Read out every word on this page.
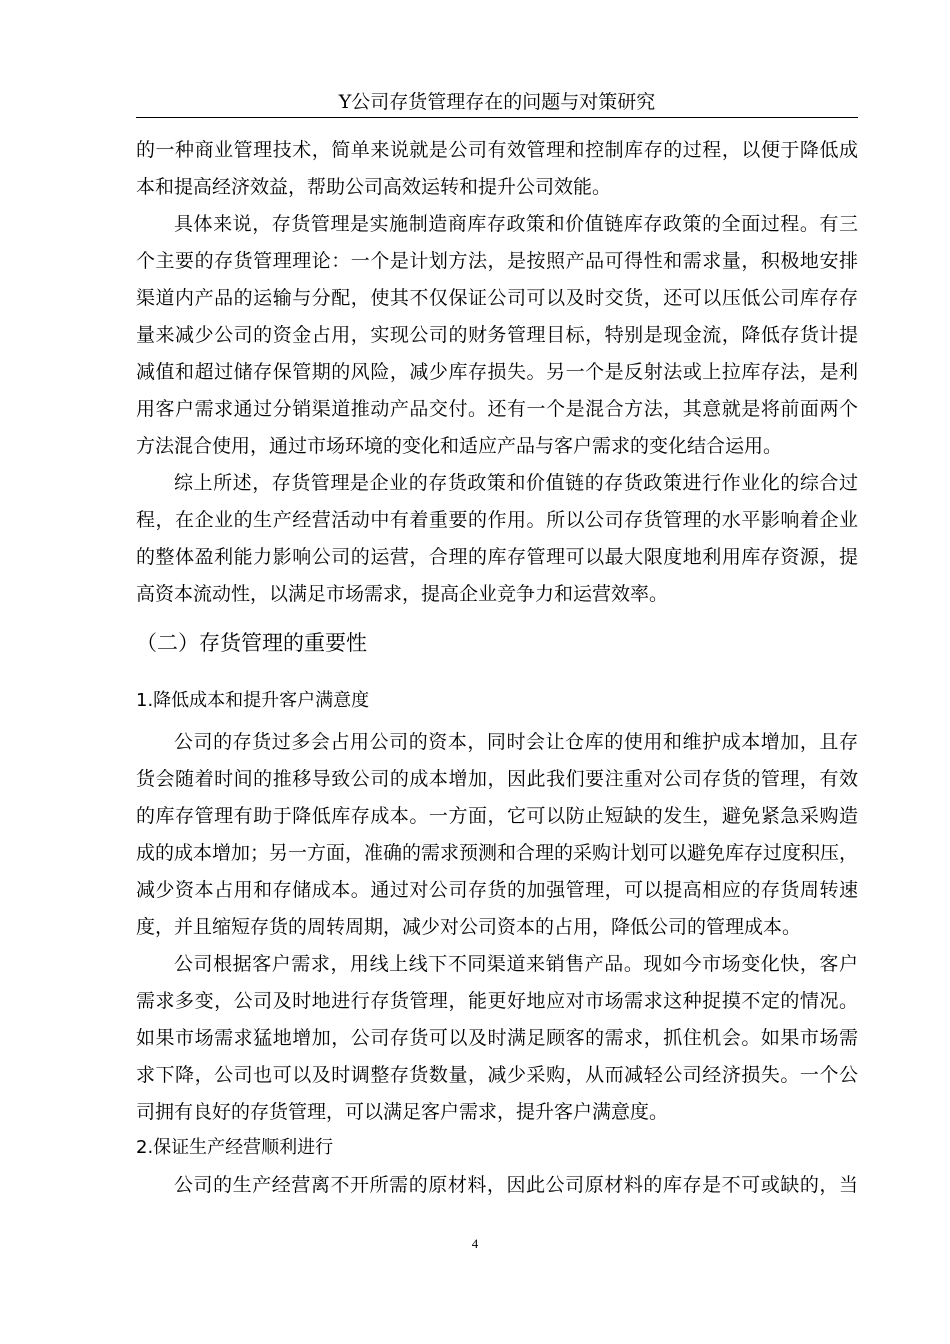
Y公司存货管理存在的问题与对策研究
的一种商业管理技术，简单来说就是公司有效管理和控制库存的过程，以便于降低成
本和提高经济效益，帮助公司高效运转和提升公司效能。
具体来说，存货管理是实施制造商库存政策和价值链库存政策的全面过程。有三
个主要的存货管理理论：一个是计划方法，是按照产品可得性和需求量，积极地安排
渠道内产品的运输与分配，使其不仅保证公司可以及时交货，还可以压低公司库存存
量来减少公司的资金占用，实现公司的财务管理目标，特别是现金流，降低存货计提
减值和超过储存保管期的风险，减少库存损失。另一个是反射法或上拉库存法，是利
用客户需求通过分销渠道推动产品交付。还有一个是混合方法，其意就是将前面两个
方法混合使用，通过市场环境的变化和适应产品与客户需求的变化结合运用。
综上所述，存货管理是企业的存货政策和价值链的存货政策进行作业化的综合过
程，在企业的生产经营活动中有着重要的作用。所以公司存货管理的水平影响着企业
的整体盈利能力影响公司的运营，合理的库存管理可以最大限度地利用库存资源，提
高资本流动性，以满足市场需求，提高企业竞争力和运营效率。
（二）存货管理的重要性
1.降低成本和提升客户满意度
公司的存货过多会占用公司的资本，同时会让仓库的使用和维护成本增加，且存
货会随着时间的推移导致公司的成本增加，因此我们要注重对公司存货的管理，有效
的库存管理有助于降低库存成本。一方面，它可以防止短缺的发生，避免紧急采购造
成的成本增加；另一方面，准确的需求预测和合理的采购计划可以避免库存过度积压，
减少资本占用和存储成本。通过对公司存货的加强管理，可以提高相应的存货周转速
度，并且缩短存货的周转周期，减少对公司资本的占用，降低公司的管理成本。
公司根据客户需求，用线上线下不同渠道来销售产品。现如今市场变化快，客户
需求多变，公司及时地进行存货管理，能更好地应对市场需求这种捉摸不定的情况。
如果市场需求猛地增加，公司存货可以及时满足顾客的需求，抓住机会。如果市场需
求下降，公司也可以及时调整存货数量，减少采购，从而减轻公司经济损失。一个公
司拥有良好的存货管理，可以满足客户需求，提升客户满意度。
2.保证生产经营顺利进行
公司的生产经营离不开所需的原材料，因此公司原材料的库存是不可或缺的，当
4
